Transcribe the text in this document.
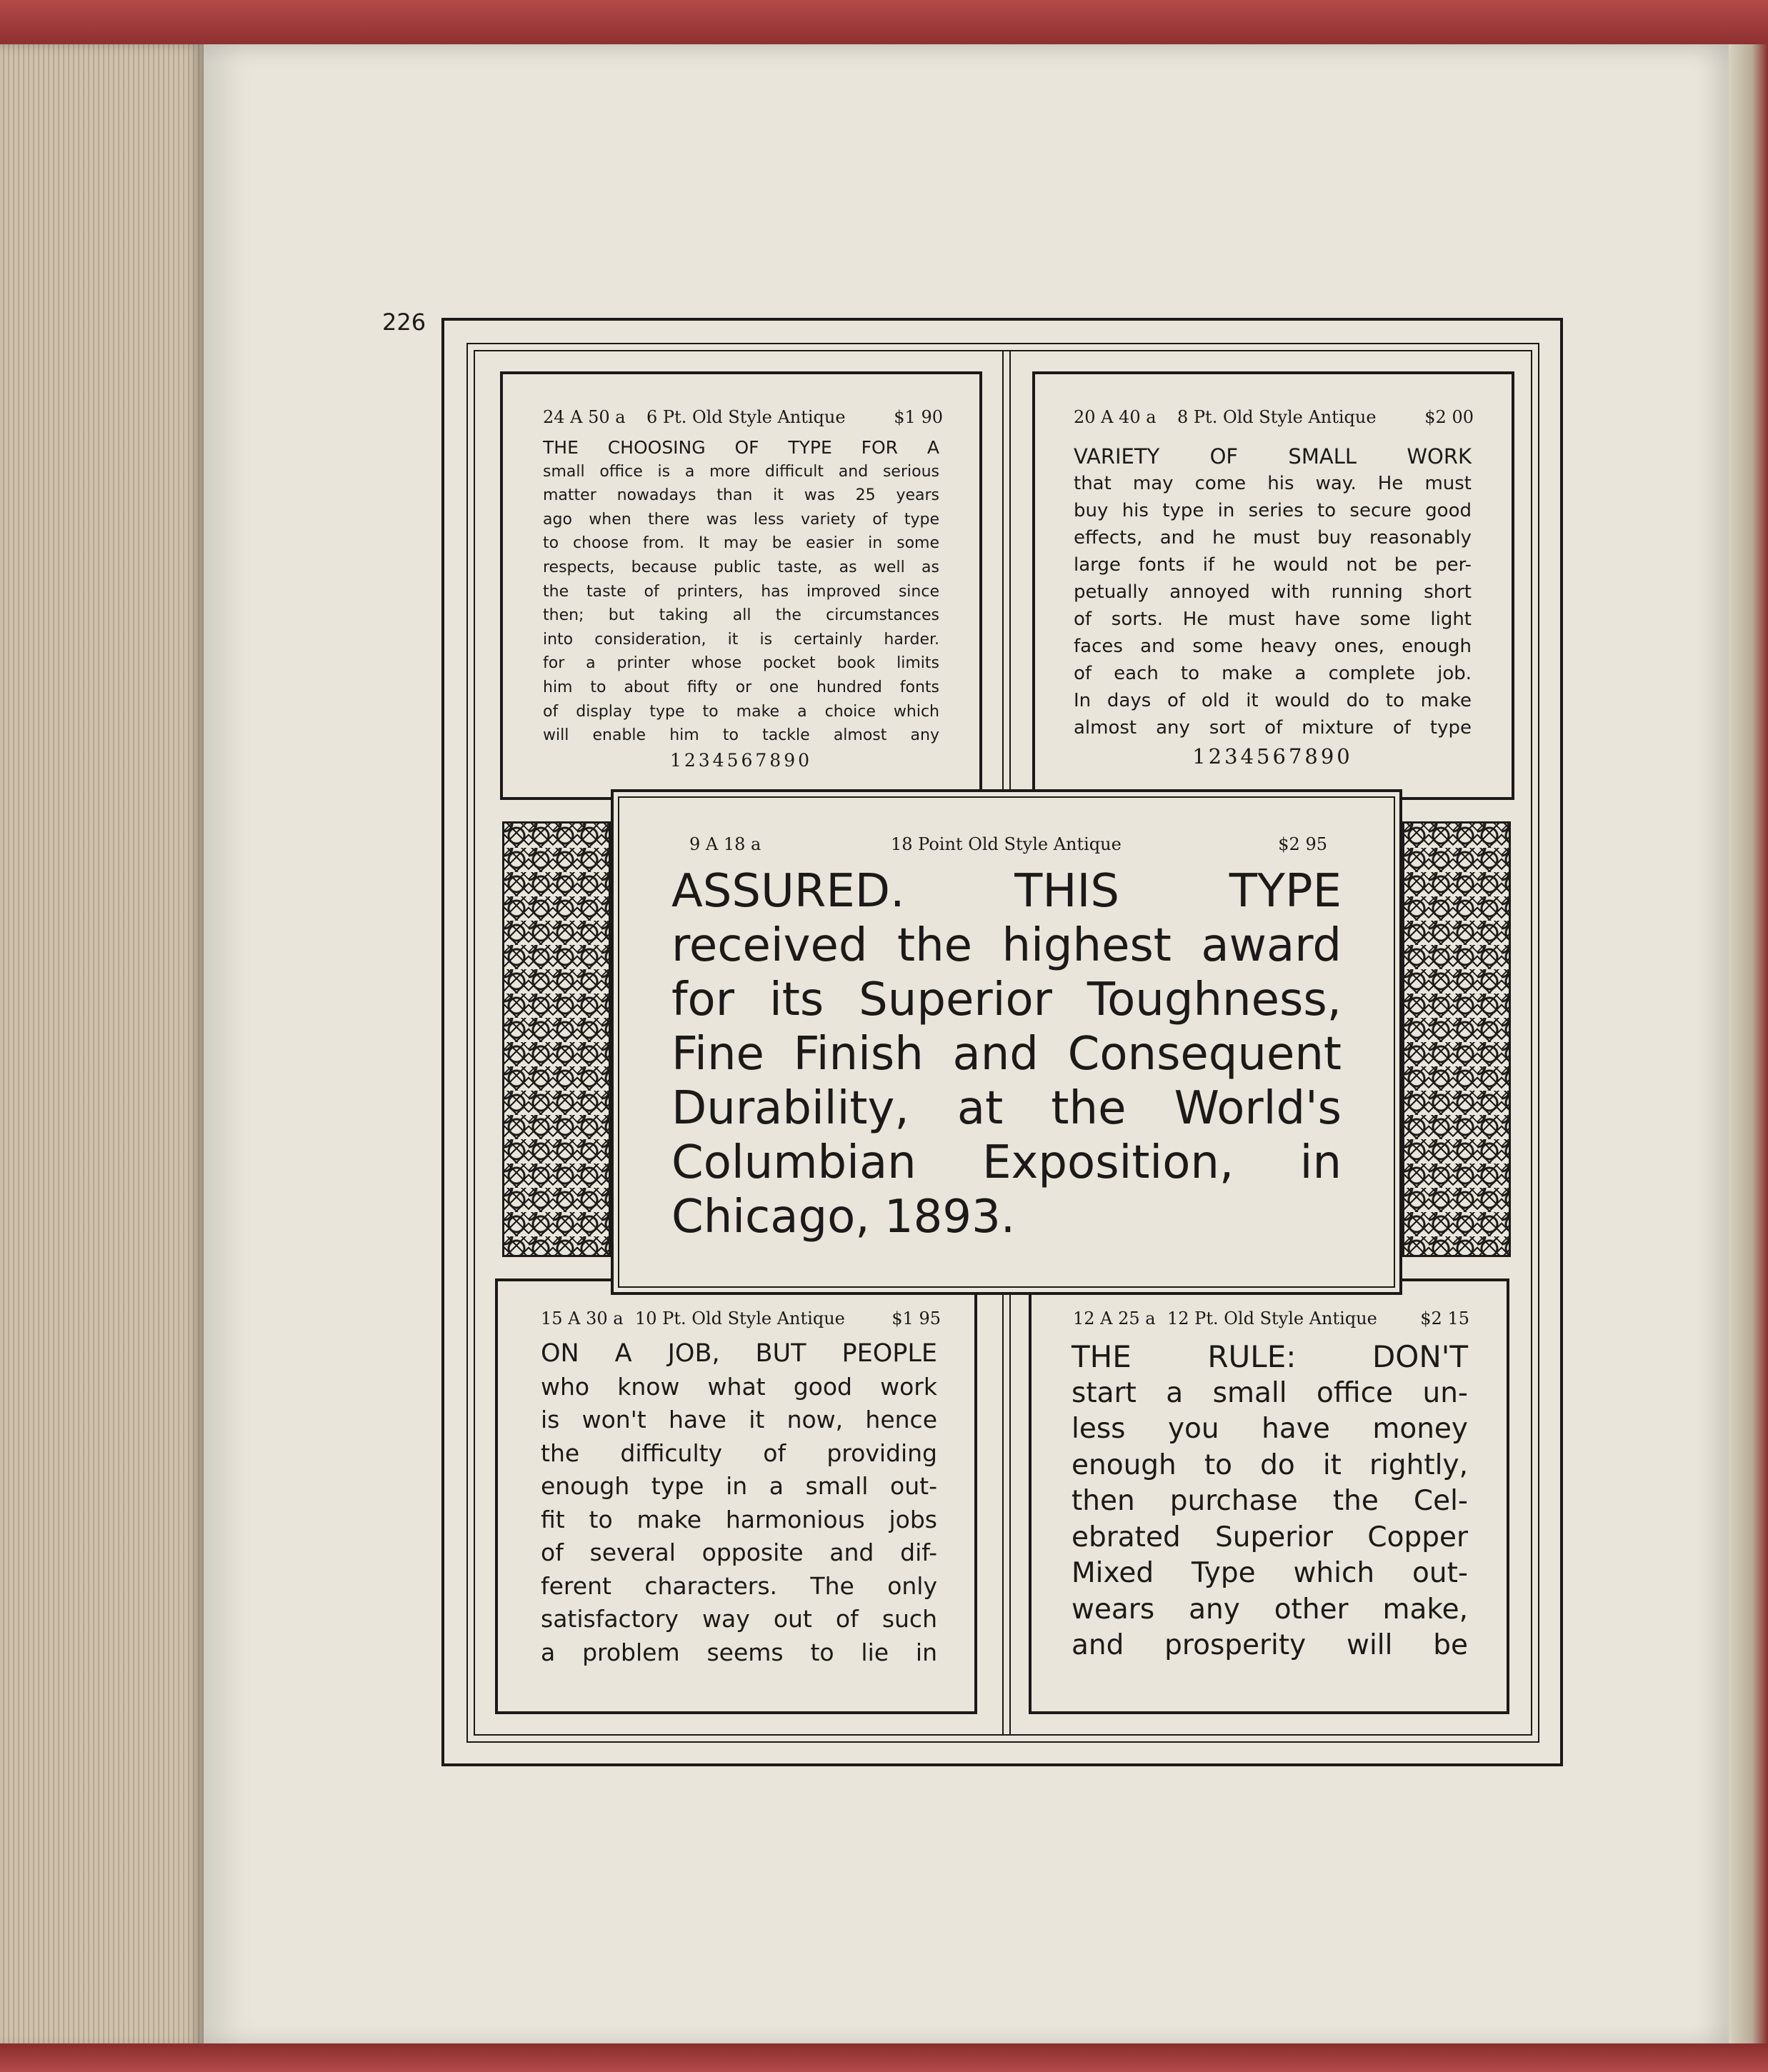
226
24 A 50 a 6 Pt. Old Style Antique	$1 90
THE CHOOSING OF TYPE FOR A
small office is a more difficult and serious
matter nowadays than it was 25 years
ago when there was less variety of type
to choose from. It may be easier in some
respects, because public taste, as well as
the taste of printers, has improved since
then; but taking all the circumstances
into consideration, it is certainly harder.
for a printer whose pocket book limits
him to about fifty or one hundred fonts
of display type to make a choice which
will enable him to tackle almost any
1234567890
20 A 40 a 8 Pt. Old Style Antique	$2 00
VARIETY OF SMALL WORK
that may come his way. He must
buy his type in series to secure good
effects, and he must buy reasonably
large fonts if he would not be per-
petually annoyed with running short
of sorts. He must have some light
faces and some heavy ones, enough
of each to make a complete job.
In days of old it would do to make
almost any sort of mixture of type
1234567890
15 A 30 a 10 Pt. Old Style Antique	$1 95
ON A JOB, BUT PEOPLE
who know what good work
is won't have it now, hence
the difficulty of providing
enough type in a small out-
fit to make harmonious jobs
of several opposite and dif-
ferent characters. The only
satisfactory way out of such
a problem seems to lie in
12 A 25 a 12 Pt. Old Style Antique	$2 15
THE RULE: DON'T
start a small office un-
less you have money
enough to do it rightly,
then purchase the Cel-
ebrated Superior Copper
Mixed Type which out-
wears any other make,
and prosperity will be
9 A 18 a	18 Point Old Style Antique	$2 95
ASSURED. THIS TYPE
received the highest award
for its Superior Toughness,
Fine Finish and Consequent
Durability, at the World's
Columbian Exposition, in
Chicago, 1893.
